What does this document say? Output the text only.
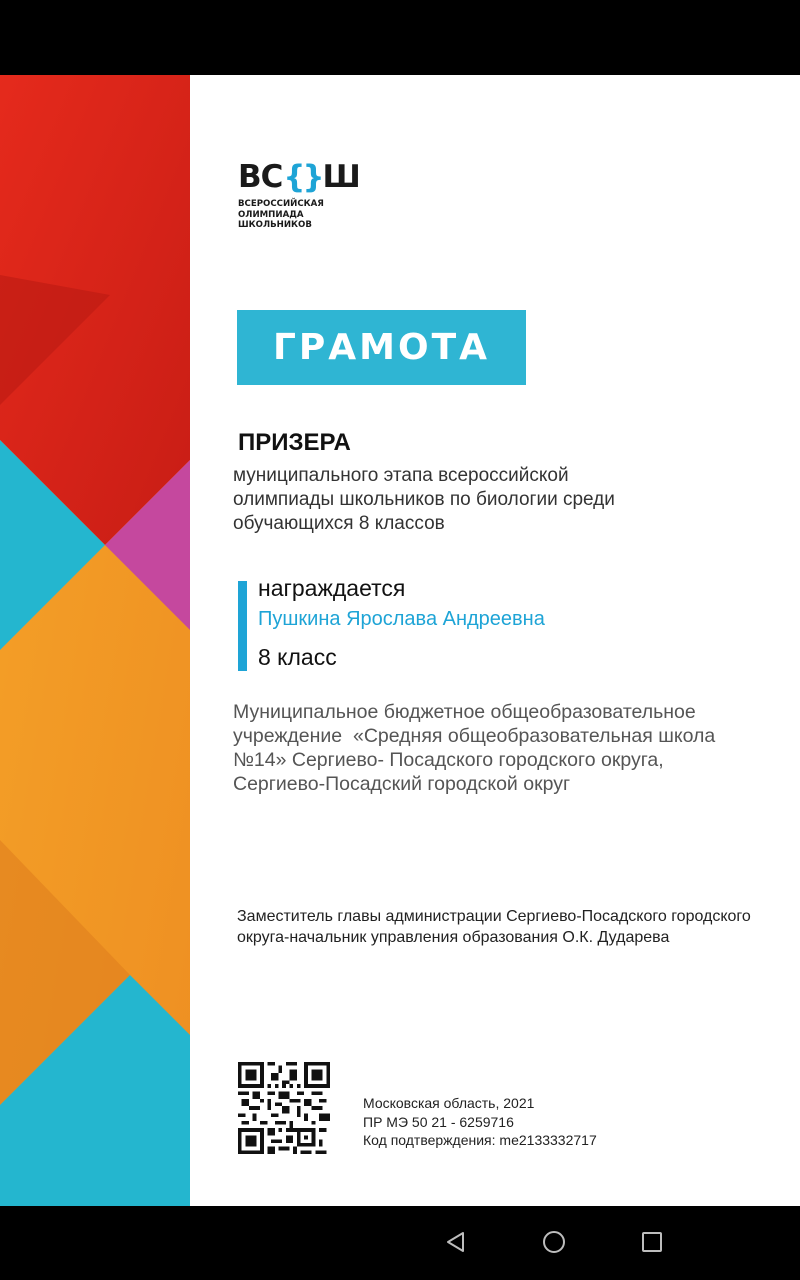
ВС {} Ш
ВСЕРОССИЙСКАЯ
ОЛИМПИАДА
ШКОЛЬНИКОВ
ГРАМОТА
ПРИЗЕРА

муниципального этапа всероссийской олимпиады школьников по биологии среди обучающихся 8 классов

награждается
Пушкина Ярослава Андреевна
8 класс

Муниципальное бюджетное общеобразовательное учреждение  «Средняя общеобразовательная школа №14» Сергиево- Посадского городского округа, Сергиево-Посадский городской округ

Заместитель главы администрации Сергиево-Посадского городского округа-начальник управления образования О.К. Дударева

Московская область, 2021
ПР МЭ 50 21 - 6259716
Код подтверждения: me2133332717
